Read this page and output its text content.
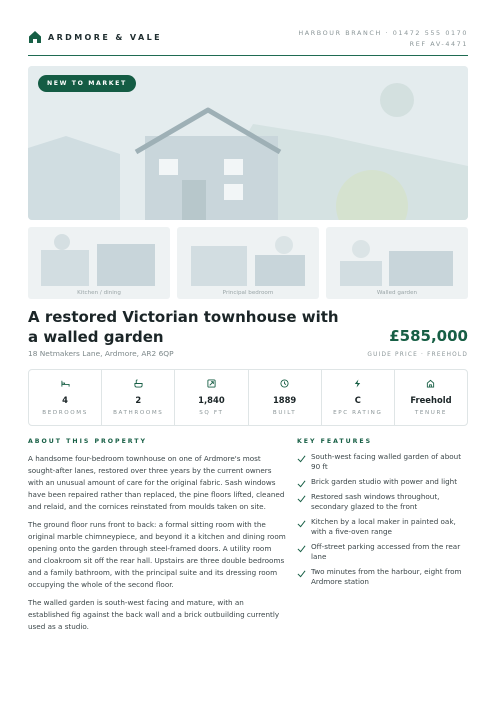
ARDMORE & VALE	HARBOUR BRANCH · 01472 555 0170
REF AV-4471
NEW TO MARKET
Kitchen / dining	Principal bedroom	Walled garden
A restored Victorian townhouse with a walled garden
18 Netmakers Lane, Ardmore, AR2 6QP
£585,000
GUIDE PRICE · FREEHOLD
4
BEDROOMS
2
BATHROOMS
1,840
SQ FT
1889
BUILT
C
EPC RATING
Freehold
TENURE
ABOUT THIS PROPERTY

A handsome four-bedroom townhouse on one of Ardmore's most sought-after lanes, restored over three years by the current owners with an unusual amount of care for the original fabric. Sash windows have been repaired rather than replaced, the pine floors lifted, cleaned and relaid, and the cornices reinstated from moulds taken on site.

The ground floor runs front to back: a formal sitting room with the original marble chimneypiece, and beyond it a kitchen and dining room opening onto the garden through steel-framed doors. A utility room and cloakroom sit off the rear hall. Upstairs are three double bedrooms and a family bathroom, with the principal suite and its dressing room occupying the whole of the second floor.

The walled garden is south-west facing and mature, with an established fig against the back wall and a brick outbuilding currently used as a studio.

KEY FEATURES
South-west facing walled garden of about 90 ft
Brick garden studio with power and light
Restored sash windows throughout, secondary glazed to the front
Kitchen by a local maker in painted oak, with a five-oven range
Off-street parking accessed from the rear lane
Two minutes from the harbour, eight from Ardmore station
